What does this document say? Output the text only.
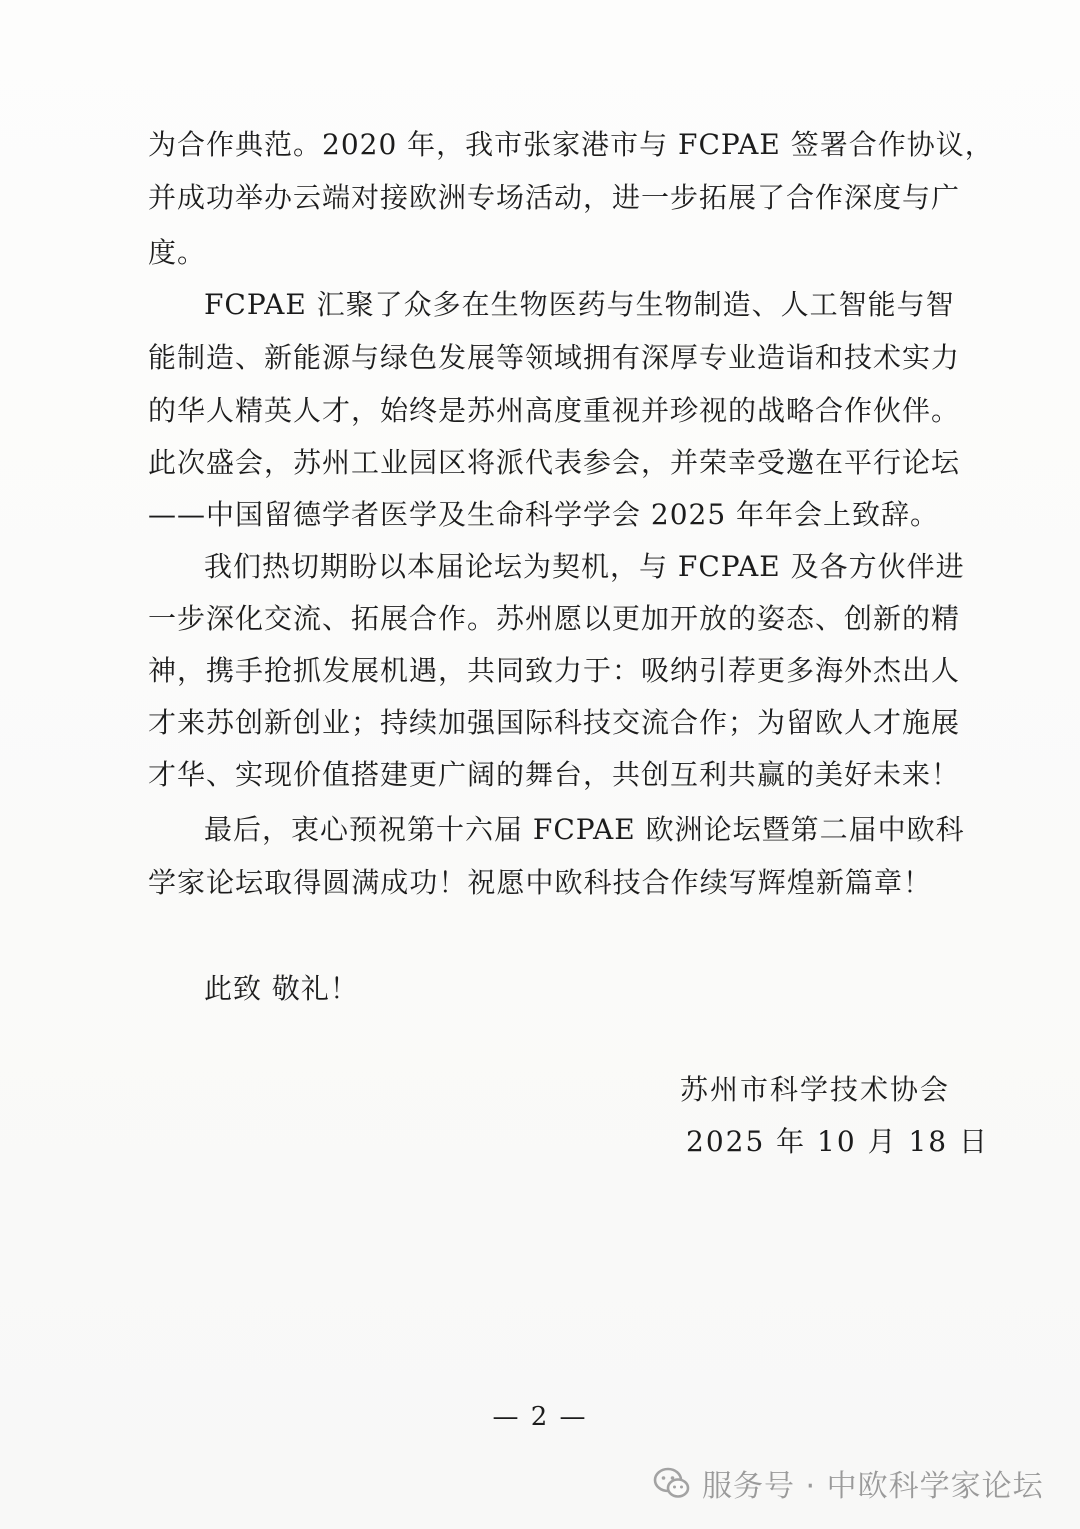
为合作典范。2020 年，我市张家港市与 FCPAE 签署合作协议，
并成功举办云端对接欧洲专场活动，进一步拓展了合作深度与广
度。
FCPAE 汇聚了众多在生物医药与生物制造、人工智能与智
能制造、新能源与绿色发展等领域拥有深厚专业造诣和技术实力
的华人精英人才，始终是苏州高度重视并珍视的战略合作伙伴。
此次盛会，苏州工业园区将派代表参会，并荣幸受邀在平行论坛
——中国留德学者医学及生命科学学会 2025 年年会上致辞。
我们热切期盼以本届论坛为契机，与 FCPAE 及各方伙伴进
一步深化交流、拓展合作。苏州愿以更加开放的姿态、创新的精
神，携手抢抓发展机遇，共同致力于：吸纳引荐更多海外杰出人
才来苏创新创业；持续加强国际科技交流合作；为留欧人才施展
才华、实现价值搭建更广阔的舞台，共创互利共赢的美好未来！
最后，衷心预祝第十六届 FCPAE 欧洲论坛暨第二届中欧科
学家论坛取得圆满成功！祝愿中欧科技合作续写辉煌新篇章！
此致 敬礼！
苏州市科学技术协会
2025 年 10 月 18 日
— 2 —
服务号 · 中欧科学家论坛
